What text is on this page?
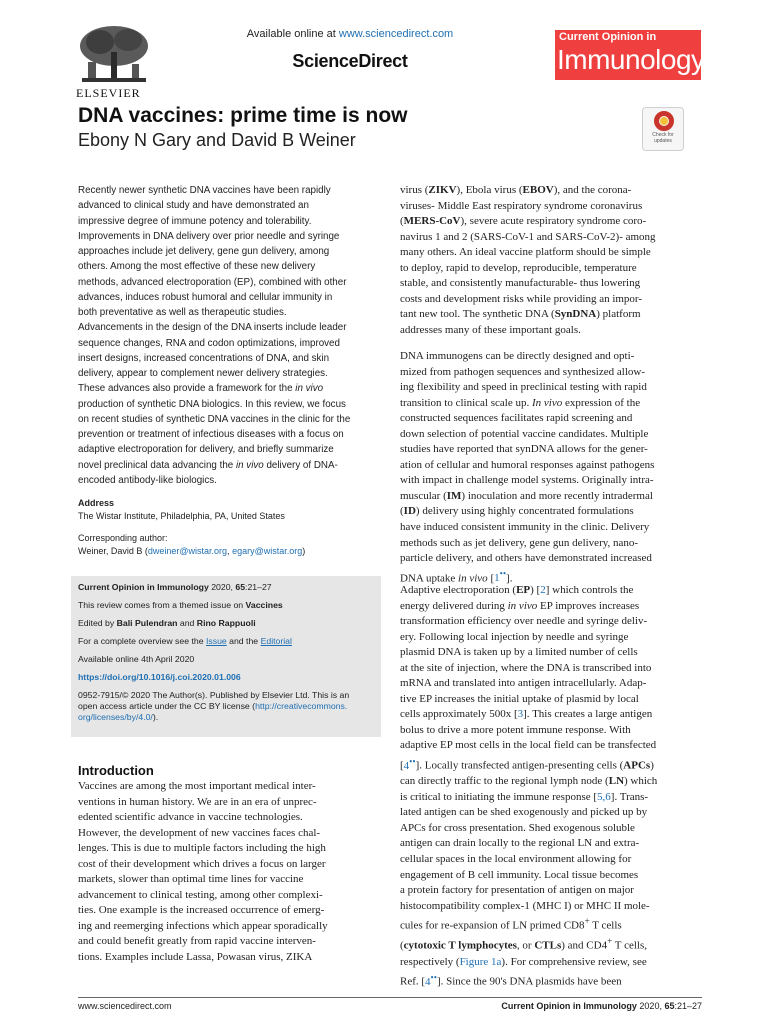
ELSEVIER
Available online at www.sciencedirect.com
ScienceDirect
Current Opinion in
Immunology
DNA vaccines: prime time is now
Ebony N Gary and David B Weiner	Check for updates

Recently newer synthetic DNA vaccines have been rapidly

advanced to clinical study and have demonstrated an

impressive degree of immune potency and tolerability.

Improvements in DNA delivery over prior needle and syringe

approaches include jet delivery, gene gun delivery, among

others. Among the most effective of these new delivery

methods, advanced electroporation (EP), combined with other

advances, induces robust humoral and cellular immunity in

both preventative as well as therapeutic studies.

Advancements in the design of the DNA inserts include leader

sequence changes, RNA and codon optimizations, improved

insert designs, increased concentrations of DNA, and skin

delivery, appear to complement newer delivery strategies.

These advances also provide a framework for the in vivo

production of synthetic DNA biologics. In this review, we focus

on recent studies of synthetic DNA vaccines in the clinic for the

prevention or treatment of infectious diseases with a focus on

adaptive electroporation for delivery, and briefly summarize

novel preclinical data advancing the in vivo delivery of DNA-

encoded antibody-like biologics.

Address
The Wistar Institute, Philadelphia, PA, United States
Corresponding author:
Weiner, David B (dweiner@wistar.org, egary@wistar.org)

Current Opinion in Immunology 2020, 65:21–27

This review comes from a themed issue on Vaccines

Edited by Bali Pulendran and Rino Rappuoli

For a complete overview see the Issue and the Editorial

Available online 4th April 2020

https://doi.org/10.1016/j.coi.2020.01.006

0952-7915/© 2020 The Author(s). Published by Elsevier Ltd. This is an
open access article under the CC BY license (http://creativecommons.
org/licenses/by/4.0/).

Introduction

Vaccines are among the most important medical inter-

ventions in human history. We are in an era of unprec-

edented scientific advance in vaccine technologies.

However, the development of new vaccines faces chal-

lenges. This is due to multiple factors including the high

cost of their development which drives a focus on larger

markets, slower than optimal time lines for vaccine

advancement to clinical testing, among other complexi-

ties. One example is the increased occurrence of emerg-

ing and reemerging infections which appear sporadically

and could benefit greatly from rapid vaccine interven-

tions. Examples include Lassa, Powasan virus, ZIKA

virus (ZIKV), Ebola virus (EBOV), and the corona-

viruses- Middle East respiratory syndrome coronavirus

(MERS-CoV), severe acute respiratory syndrome coro-

navirus 1 and 2 (SARS-CoV-1 and SARS-CoV-2)- among

many others. An ideal vaccine platform should be simple

to deploy, rapid to develop, reproducible, temperature

stable, and consistently manufacturable- thus lowering

costs and development risks while providing an impor-

tant new tool. The synthetic DNA (SynDNA) platform

addresses many of these important goals.

DNA immunogens can be directly designed and opti-

mized from pathogen sequences and synthesized allow-

ing flexibility and speed in preclinical testing with rapid

transition to clinical scale up. In vivo expression of the

constructed sequences facilitates rapid screening and

down selection of potential vaccine candidates. Multiple

studies have reported that synDNA allows for the gener-

ation of cellular and humoral responses against pathogens

with impact in challenge model systems. Originally intra-

muscular (IM) inoculation and more recently intradermal

(ID) delivery using highly concentrated formulations

have induced consistent immunity in the clinic. Delivery

methods such as jet delivery, gene gun delivery, nano-

particle delivery, and others have demonstrated increased

DNA uptake in vivo [1••].

Adaptive electroporation (EP) [2] which controls the

energy delivered during in vivo EP improves increases

transformation efficiency over needle and syringe deliv-

ery. Following local injection by needle and syringe

plasmid DNA is taken up by a limited number of cells

at the site of injection, where the DNA is transcribed into

mRNA and translated into antigen intracellularly. Adap-

tive EP increases the initial uptake of plasmid by local

cells approximately 500x [3]. This creates a large antigen

bolus to drive a more potent immune response. With

adaptive EP most cells in the local field can be transfected

[4••]. Locally transfected antigen-presenting cells (APCs)

can directly traffic to the regional lymph node (LN) which

is critical to initiating the immune response [5,6]. Trans-

lated antigen can be shed exogenously and picked up by

APCs for cross presentation. Shed exogenous soluble

antigen can drain locally to the regional LN and extra-

cellular spaces in the local environment allowing for

engagement of B cell immunity. Local tissue becomes

a protein factory for presentation of antigen on major

histocompatibility complex-1 (MHC I) or MHC II mole-

cules for re-expansion of LN primed CD8+ T cells

(cytotoxic T lymphocytes, or CTLs) and CD4+ T cells,

respectively (Figure 1a). For comprehensive review, see

Ref. [4••]. Since the 90's DNA plasmids have been

www.sciencedirect.com	Current Opinion in Immunology 2020, 65:21–27
